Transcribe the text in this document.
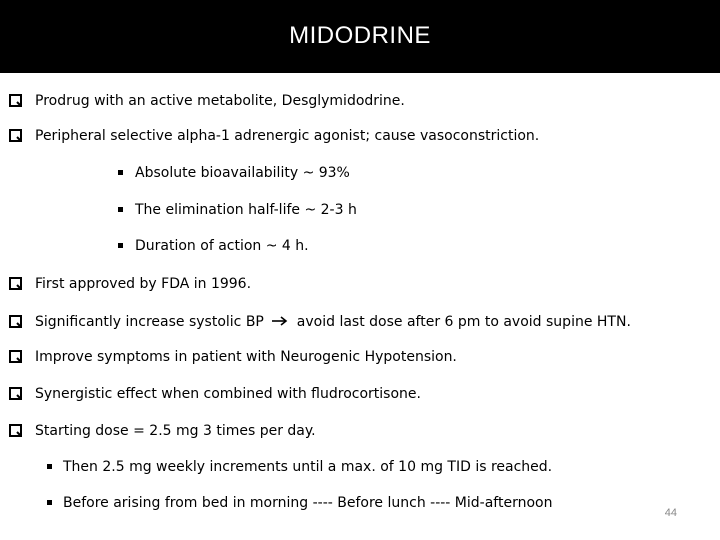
MIDODRINE
Prodrug with an active metabolite, Desglymidodrine.
Peripheral selective alpha-1 adrenergic agonist; cause vasoconstriction.
Absolute bioavailability ~ 93%
The elimination half-life ~ 2-3 h
Duration of action ~ 4 h.
First approved by FDA in 1996.
Significantly increase systolic BP avoid last dose after 6 pm to avoid supine HTN.
Improve symptoms in patient with Neurogenic Hypotension.
Synergistic effect when combined with fludrocortisone.
Starting dose = 2.5 mg 3 times per day.
Then 2.5 mg weekly increments until a max. of 10 mg TID is reached.
Before arising from bed in morning ---- Before lunch ---- Mid-afternoon
44
